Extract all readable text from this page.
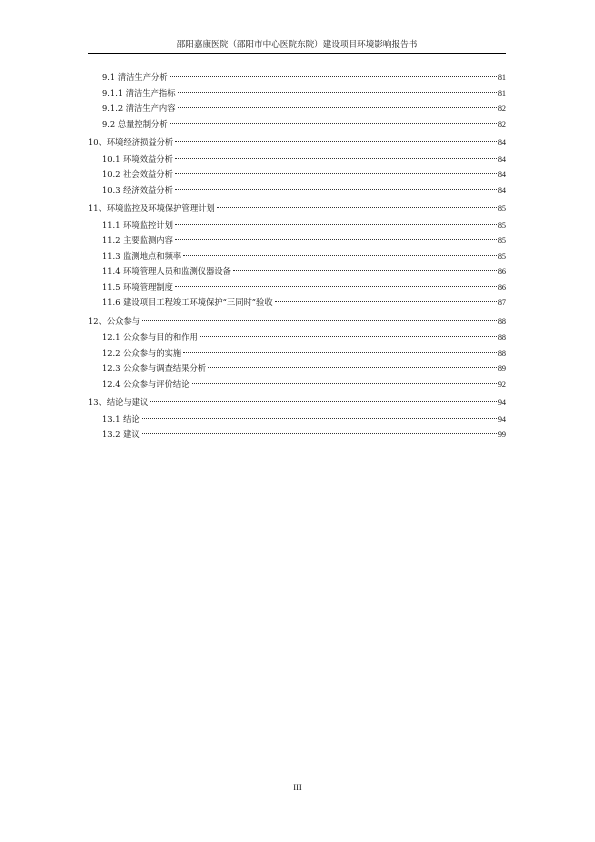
邵阳嘉康医院（邵阳市中心医院东院）建设项目环境影响报告书
9.1 清洁生产分析	81
9.1.1 清洁生产指标	81
9.1.2 清洁生产内容	82
9.2 总量控制分析	82
10、环境经济损益分析	84
10.1 环境效益分析	84
10.2 社会效益分析	84
10.3 经济效益分析	84
11、环境监控及环境保护管理计划	85
11.1 环境监控计划	85
11.2 主要监测内容	85
11.3 监测地点和频率	85
11.4 环境管理人员和监测仪器设备	86
11.5 环境管理制度	86
11.6 建设项目工程竣工环境保护“三同时”验收	87
12、公众参与	88
12.1 公众参与目的和作用	88
12.2 公众参与的实施	88
12.3 公众参与调查结果分析	89
12.4 公众参与评价结论	92
13、结论与建议	94
13.1 结论	94
13.2 建议	99
III
